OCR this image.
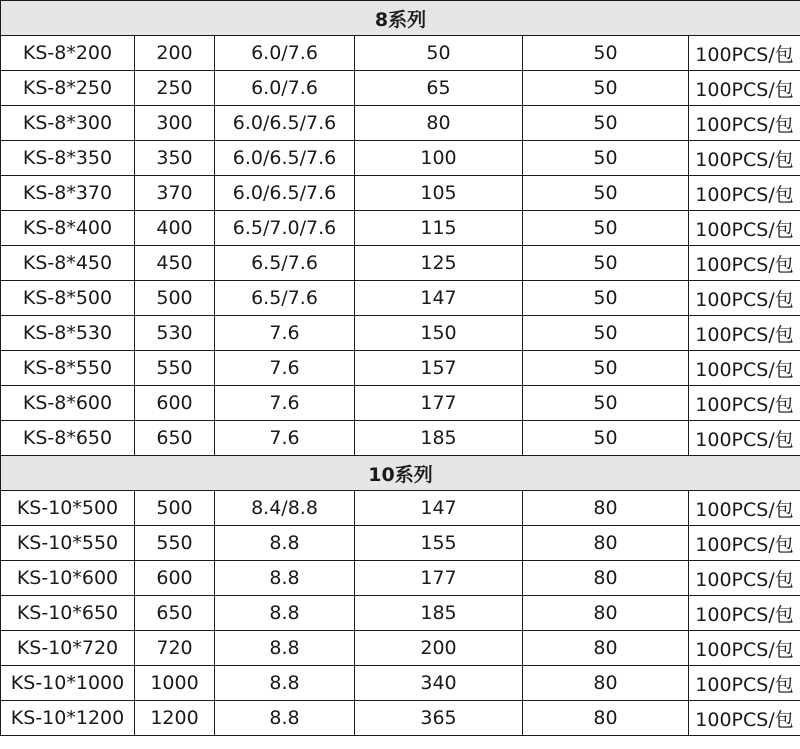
8系列					
KS-8*200	200	6.0/7.6	50	50	100PCS/包
KS-8*250	250	6.0/7.6	65	50	100PCS/包
KS-8*300	300	6.0/6.5/7.6	80	50	100PCS/包
KS-8*350	350	6.0/6.5/7.6	100	50	100PCS/包
KS-8*370	370	6.0/6.5/7.6	105	50	100PCS/包
KS-8*400	400	6.5/7.0/7.6	115	50	100PCS/包
KS-8*450	450	6.5/7.6	125	50	100PCS/包
KS-8*500	500	6.5/7.6	147	50	100PCS/包
KS-8*530	530	7.6	150	50	100PCS/包
KS-8*550	550	7.6	157	50	100PCS/包
KS-8*600	600	7.6	177	50	100PCS/包
KS-8*650	650	7.6	185	50	100PCS/包
10系列					
KS-10*500	500	8.4/8.8	147	80	100PCS/包
KS-10*550	550	8.8	155	80	100PCS/包
KS-10*600	600	8.8	177	80	100PCS/包
KS-10*650	650	8.8	185	80	100PCS/包
KS-10*720	720	8.8	200	80	100PCS/包
KS-10*1000	1000	8.8	340	80	100PCS/包
KS-10*1200	1200	8.8	365	80	100PCS/包
